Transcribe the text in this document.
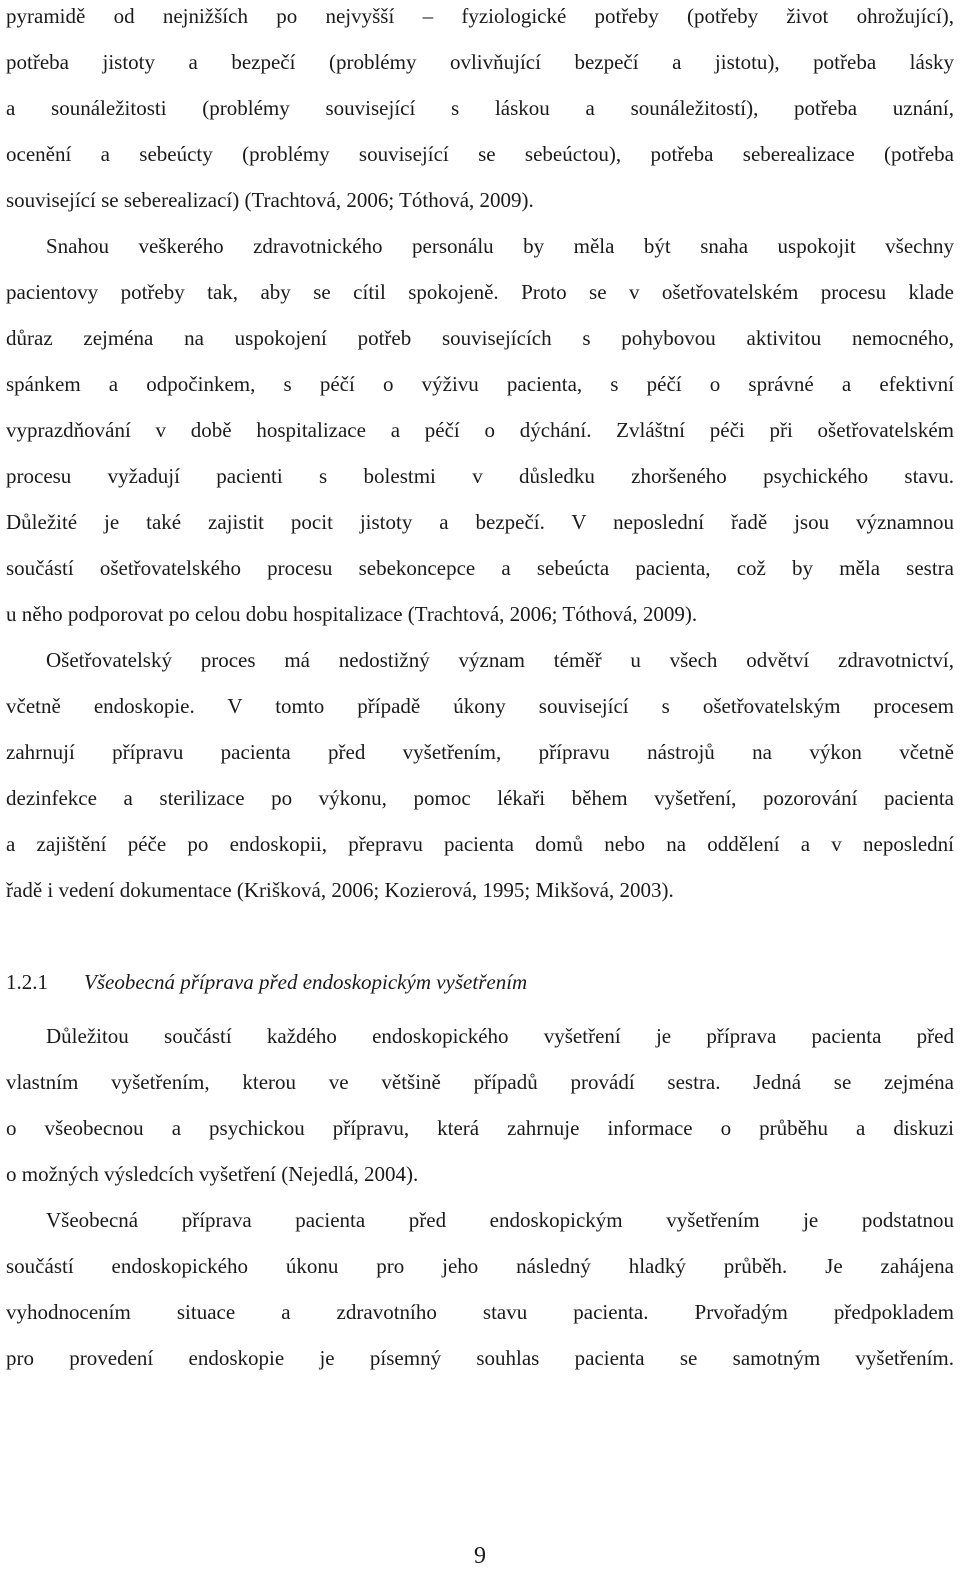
pyramidě od nejnižších po nejvyšší – fyziologické potřeby (potřeby život ohrožující),
potřeba jistoty a bezpečí (problémy ovlivňující bezpečí a jistotu), potřeba lásky
a sounáležitosti (problémy související s láskou a sounáležitostí), potřeba uznání,
ocenění a sebeúcty (problémy související se sebeúctou), potřeba seberealizace (potřeba
související se seberealizací) (Trachtová, 2006; Tóthová, 2009).
Snahou veškerého zdravotnického personálu by měla být snaha uspokojit všechny
pacientovy potřeby tak, aby se cítil spokojeně. Proto se v ošetřovatelském procesu klade
důraz zejména na uspokojení potřeb souvisejících s pohybovou aktivitou nemocného,
spánkem a odpočinkem, s péčí o výživu pacienta, s péčí o správné a efektivní
vyprazdňování v době hospitalizace a péčí o dýchání. Zvláštní péči při ošetřovatelském
procesu vyžadují pacienti s bolestmi v důsledku zhoršeného psychického stavu.
Důležité je také zajistit pocit jistoty a bezpečí. V neposlední řadě jsou významnou
součástí ošetřovatelského procesu sebekoncepce a sebeúcta pacienta, což by měla sestra
u něho podporovat po celou dobu hospitalizace (Trachtová, 2006; Tóthová, 2009).
Ošetřovatelský proces má nedostižný význam téměř u všech odvětví zdravotnictví,
včetně endoskopie. V tomto případě úkony související s ošetřovatelským procesem
zahrnují přípravu pacienta před vyšetřením, přípravu nástrojů na výkon včetně
dezinfekce a sterilizace po výkonu, pomoc lékaři během vyšetření, pozorování pacienta
a zajištění péče po endoskopii, přepravu pacienta domů nebo na oddělení a v neposlední
řadě i vedení dokumentace (Krišková, 2006; Kozierová, 1995; Mikšová, 2003).
1.2.1 Všeobecná příprava před endoskopickým vyšetřením
Důležitou součástí každého endoskopického vyšetření je příprava pacienta před
vlastním vyšetřením, kterou ve většině případů provádí sestra. Jedná se zejména
o všeobecnou a psychickou přípravu, která zahrnuje informace o průběhu a diskuzi
o možných výsledcích vyšetření (Nejedlá, 2004).
Všeobecná příprava pacienta před endoskopickým vyšetřením je podstatnou
součástí endoskopického úkonu pro jeho následný hladký průběh. Je zahájena
vyhodnocením situace a zdravotního stavu pacienta. Prvořadým předpokladem
pro provedení endoskopie je písemný souhlas pacienta se samotným vyšetřením.
9
